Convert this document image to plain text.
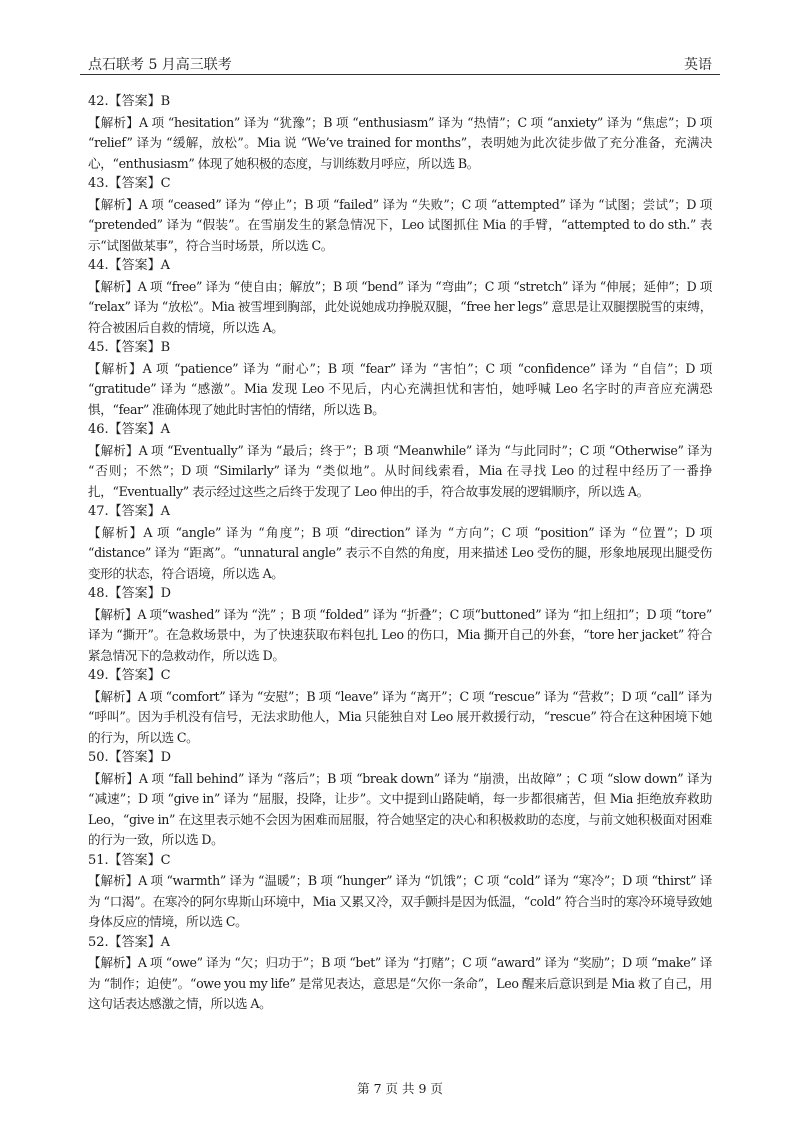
点石联考 5 月高三联考	英语
42.【答案】B
【解析】A 项 “hesitation” 译为 “犹豫”；B 项 “enthusiasm” 译为 “热情”；C 项 “anxiety” 译为 “焦虑”；D 项 “relief” 译为 “缓解，放松”。Mia 说 “We’ve trained for months”，表明她为此次徒步做了充分准备，充满决心，“enthusiasm” 体现了她积极的态度，与训练数月呼应，所以选 B。
43.【答案】C
【解析】A 项 “ceased” 译为 “停止”；B 项 “failed” 译为 “失败”；C 项 “attempted” 译为 “试图；尝试”；D 项 “pretended” 译为 “假装”。在雪崩发生的紧急情况下，Leo 试图抓住 Mia 的手臂，“attempted to do sth.” 表示“试图做某事”，符合当时场景，所以选 C。
44.【答案】A
【解析】A 项 “free” 译为 “使自由；解放”；B 项 “bend” 译为 “弯曲”；C 项 “stretch” 译为 “伸展；延伸”；D 项 “relax” 译为 “放松”。Mia 被雪埋到胸部，此处说她成功挣脱双腿，“free her legs” 意思是让双腿摆脱雪的束缚，符合被困后自救的情境，所以选 A。
45.【答案】B
【解析】A 项 “patience” 译为 “耐心”；B 项 “fear” 译为 “害怕”；C 项 “confidence” 译为 “自信”；D 项 “gratitude” 译为 “感激”。Mia 发现 Leo 不见后，内心充满担忧和害怕，她呼喊 Leo 名字时的声音应充满恐惧，“fear” 准确体现了她此时害怕的情绪，所以选 B。
46.【答案】A
【解析】A 项 “Eventually” 译为 “最后；终于”；B 项 “Meanwhile” 译为 “与此同时”；C 项 “Otherwise” 译为 “否则；不然”；D 项 “Similarly” 译为 “类似地”。从时间线索看，Mia 在寻找 Leo 的过程中经历了一番挣扎，“Eventually” 表示经过这些之后终于发现了 Leo 伸出的手，符合故事发展的逻辑顺序，所以选 A。
47.【答案】A
【解析】A 项 “angle” 译为 “角度”；B 项 “direction” 译为 “方向”；C 项 “position” 译为 “位置”；D 项 “distance” 译为 “距离”。“unnatural angle” 表示不自然的角度，用来描述 Leo 受伤的腿，形象地展现出腿受伤变形的状态，符合语境，所以选 A。
48.【答案】D
【解析】A 项“washed” 译为 “洗” ；B 项 “folded” 译为 “折叠”；C 项“buttoned” 译为 “扣上纽扣”；D 项 “tore” 译为 “撕开”。在急救场景中，为了快速获取布料包扎 Leo 的伤口，Mia 撕开自己的外套，“tore her jacket” 符合紧急情况下的急救动作，所以选 D。
49.【答案】C
【解析】A 项 “comfort” 译为 “安慰”；B 项 “leave” 译为 “离开”；C 项 “rescue” 译为 “营救”；D 项 “call” 译为 “呼叫”。因为手机没有信号，无法求助他人，Mia 只能独自对 Leo 展开救援行动，“rescue” 符合在这种困境下她的行为，所以选 C。
50.【答案】D
【解析】A 项 “fall behind” 译为 “落后”；B 项 “break down” 译为 “崩溃，出故障” ；C 项 “slow down” 译为 “减速”；D 项 “give in” 译为 “屈服，投降，让步”。文中提到山路陡峭，每一步都很痛苦，但 Mia 拒绝放弃救助 Leo，“give in” 在这里表示她不会因为困难而屈服，符合她坚定的决心和积极救助的态度，与前文她积极面对困难的行为一致，所以选 D。
51.【答案】C
【解析】A 项 “warmth” 译为 “温暖”；B 项 “hunger” 译为 “饥饿”；C 项 “cold” 译为 “寒冷”；D 项 “thirst” 译为 “口渴”。在寒冷的阿尔卑斯山环境中，Mia 又累又冷，双手颤抖是因为低温，“cold” 符合当时的寒冷环境导致她身体反应的情境，所以选 C。
52.【答案】A
【解析】A 项 “owe” 译为 “欠；归功于”；B 项 “bet” 译为 “打赌”；C 项 “award” 译为 “奖励”；D 项 “make” 译为 “制作；迫使”。“owe you my life” 是常见表达，意思是“欠你一条命”，Leo 醒来后意识到是 Mia 救了自己，用这句话表达感激之情，所以选 A。
第 7 页 共 9 页
